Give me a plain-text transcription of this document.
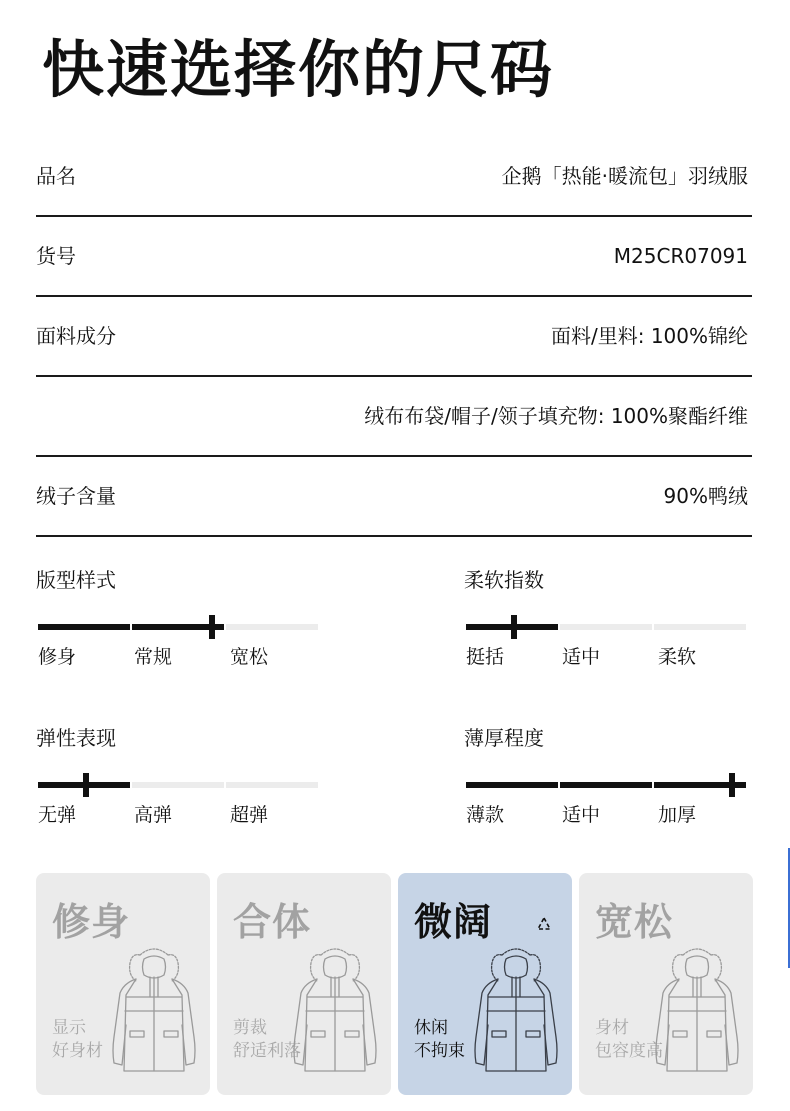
快速选择你的尺码
品名	企鹅「热能·暖流包」羽绒服
货号	M25CR07091
面料成分	面料/里料: 100%锦纶
绒布布袋/帽子/领子填充物: 100%聚酯纤维
绒子含量	90%鸭绒
版型样式
修身	常规	宽松
柔软指数
挺括	适中	柔软
弹性表现
无弹	高弹	超弹
薄厚程度
薄款	适中	加厚
修身
显示
好身材
合体
剪裁
舒适利落
微阔
休闲
不拘束
宽松
身材
包容度高
